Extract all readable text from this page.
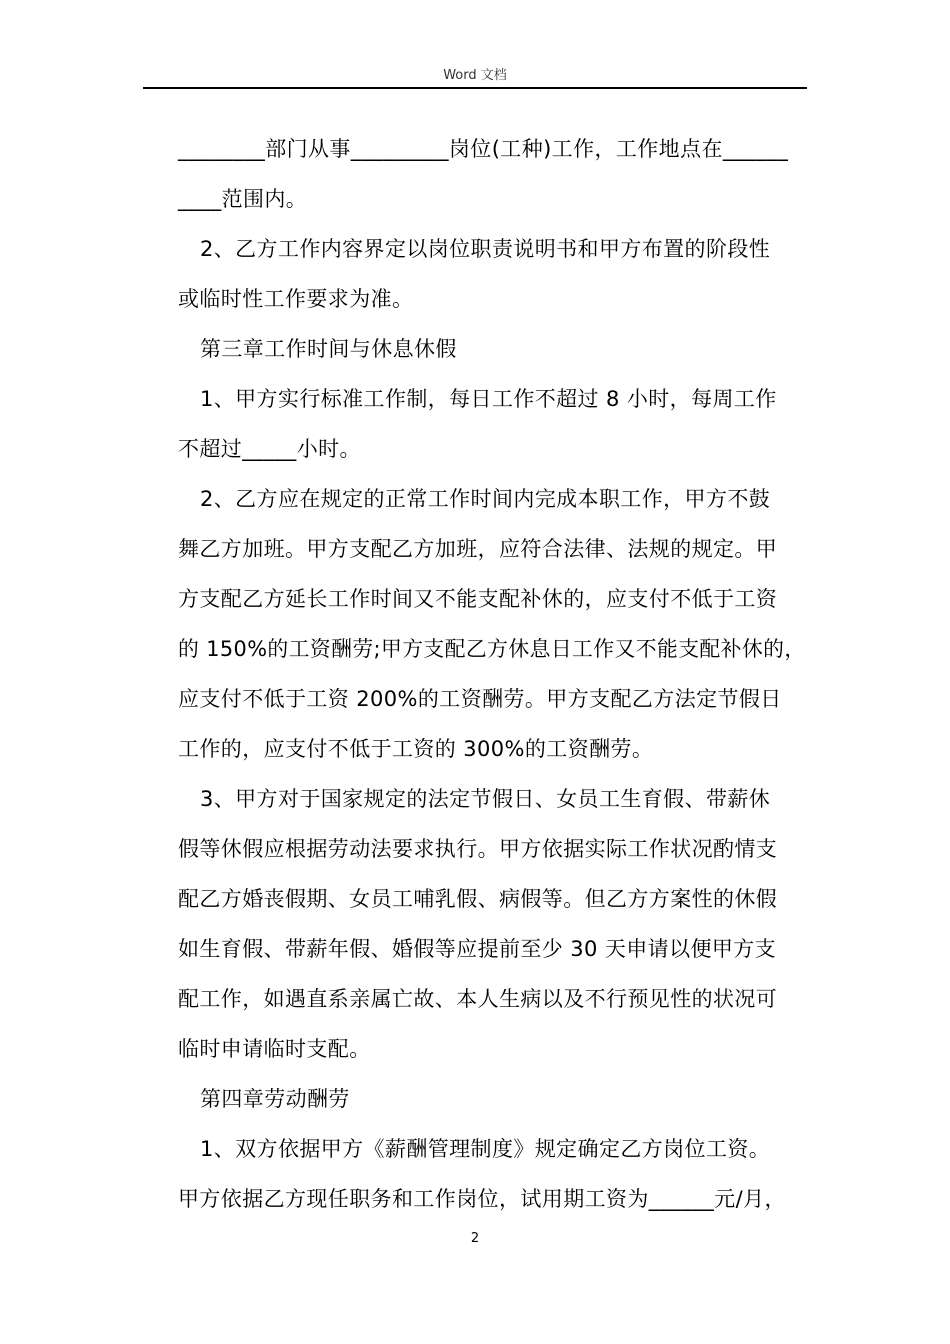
Word 文档
________部门从事_________岗位(工种)工作，工作地点在______
____范围内。
2、乙方工作内容界定以岗位职责说明书和甲方布置的阶段性
或临时性工作要求为准。
第三章工作时间与休息休假
1、甲方实行标准工作制，每日工作不超过 8 小时，每周工作
不超过_____小时。
2、乙方应在规定的正常工作时间内完成本职工作，甲方不鼓
舞乙方加班。甲方支配乙方加班，应符合法律、法规的规定。甲
方支配乙方延长工作时间又不能支配补休的，应支付不低于工资
的 150%的工资酬劳;甲方支配乙方休息日工作又不能支配补休的，
应支付不低于工资 200%的工资酬劳。甲方支配乙方法定节假日
工作的，应支付不低于工资的 300%的工资酬劳。
3、甲方对于国家规定的法定节假日、女员工生育假、带薪休
假等休假应根据劳动法要求执行。甲方依据实际工作状况酌情支
配乙方婚丧假期、女员工哺乳假、病假等。但乙方方案性的休假
如生育假、带薪年假、婚假等应提前至少 30 天申请以便甲方支
配工作，如遇直系亲属亡故、本人生病以及不行预见性的状况可
临时申请临时支配。
第四章劳动酬劳
1、双方依据甲方《薪酬管理制度》规定确定乙方岗位工资。
甲方依据乙方现任职务和工作岗位，试用期工资为______元/月，
2
